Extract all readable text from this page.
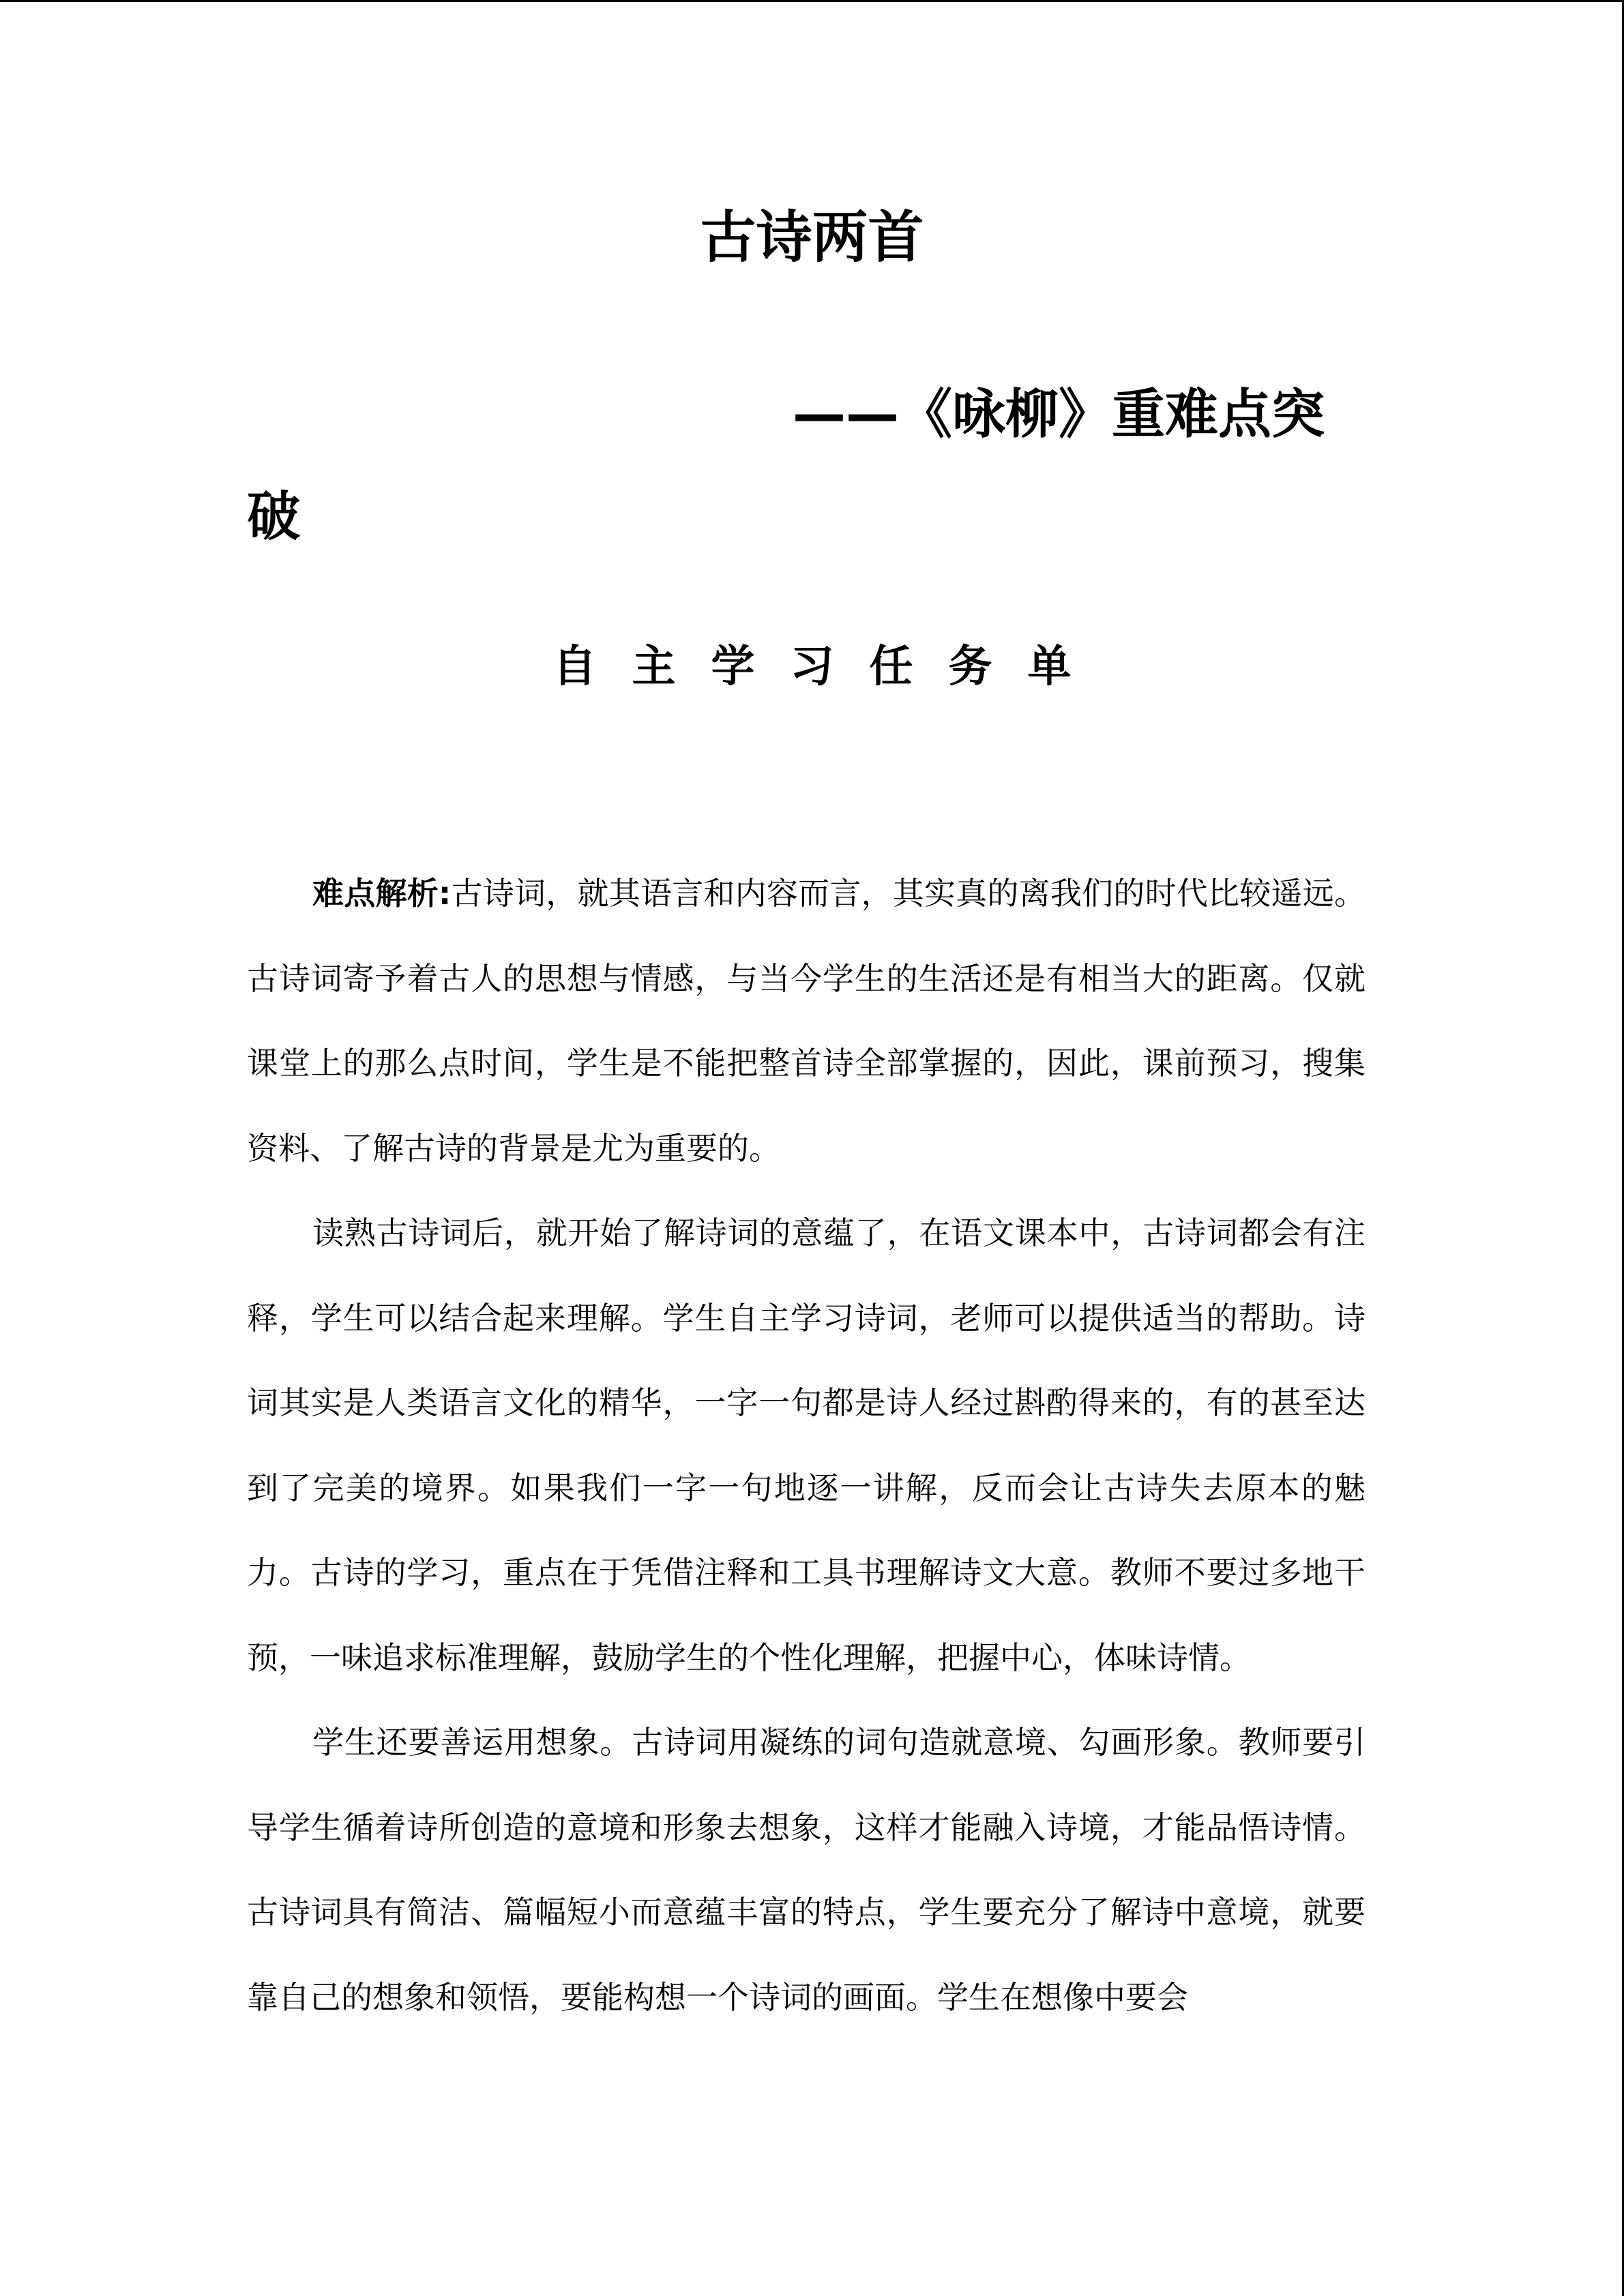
古诗两首
——《咏柳》重难点突破
自主学习任务单

难点解析:古诗词，就其语言和内容而言，其实真的离我们的时代比较遥远。古诗词寄予着古人的思想与情感，与当今学生的生活还是有相当大的距离。仅就课堂上的那么点时间，学生是不能把整首诗全部掌握的，因此，课前预习，搜集资料、了解古诗的背景是尤为重要的。

读熟古诗词后，就开始了解诗词的意蕴了，在语文课本中，古诗词都会有注释，学生可以结合起来理解。学生自主学习诗词，老师可以提供适当的帮助。诗词其实是人类语言文化的精华，一字一句都是诗人经过斟酌得来的，有的甚至达到了完美的境界。如果我们一字一句地逐一讲解，反而会让古诗失去原本的魅力。古诗的学习，重点在于凭借注释和工具书理解诗文大意。教师不要过多地干预，一味追求标准理解，鼓励学生的个性化理解，把握中心，体味诗情。

学生还要善运用想象。古诗词用凝练的词句造就意境、勾画形象。教师要引导学生循着诗所创造的意境和形象去想象，这样才能融入诗境，才能品悟诗情。古诗词具有简洁、篇幅短小而意蕴丰富的特点，学生要充分了解诗中意境，就要靠自己的想象和领悟，要能构想一个诗词的画面。学生在想像中要会
